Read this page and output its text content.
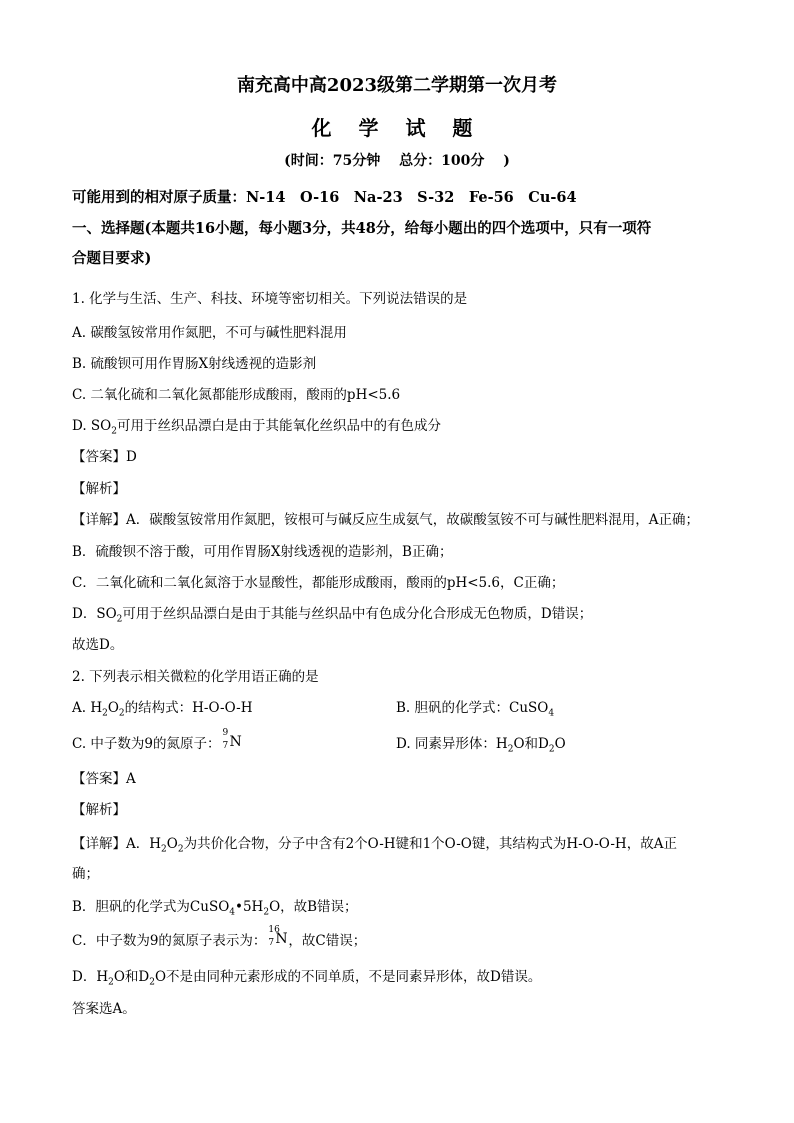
南充高中高2023级第二学期第一次月考
化 学 试 题
(时间：75分钟　 总分：100分　 )
可能用到的相对原子质量：N-14　O-16　Na-23　S-32　Fe-56　Cu-64
一、选择题(本题共16小题，每小题3分，共48分，给每小题出的四个选项中，只有一项符
合题目要求)
1. 化学与生活、生产、科技、环境等密切相关。下列说法错误的是
A. 碳酸氢铵常用作氮肥，不可与碱性肥料混用
B. 硫酸钡可用作胃肠X射线透视的造影剂
C. 二氧化硫和二氧化氮都能形成酸雨，酸雨的pH<5.6
D. $SO_2$可用于丝织品漂白是由于其能氧化丝织品中的有色成分
【答案】D
【解析】
【详解】A．碳酸氢铵常用作氮肥，铵根可与碱反应生成氨气，故碳酸氢铵不可与碱性肥料混用，A正确；
B．硫酸钡不溶于酸，可用作胃肠X射线透视的造影剂，B正确；
C．二氧化硫和二氧化氮溶于水显酸性，都能形成酸雨，酸雨的pH<5.6，C正确；
D．$SO_2$可用于丝织品漂白是由于其能与丝织品中有色成分化合形成无色物质，D错误；
故选D。
2. 下列表示相关微粒的化学用语正确的是
A. $H_2O_2$的结构式：H-O-O-H	B. 胆矾的化学式：CuSO$_4$
C. 中子数为9的氮原子：
9
7 N	D. 同素异形体：$H_2O$和$D_2O$
【答案】A
【解析】
【详解】A．$H_2O_2$为共价化合物，分子中含有2个O-H键和1个O-O键，其结构式为H-O-O-H，故A正
确；
B．胆矾的化学式为$CuSO_4•5H_2O$，故B错误；
C．中子数为9的氮原子表示为：
16
7 N ，故C错误；
D．$H_2O$和$D_2O$不是由同种元素形成的不同单质，不是同素异形体，故D错误。
答案选A。
